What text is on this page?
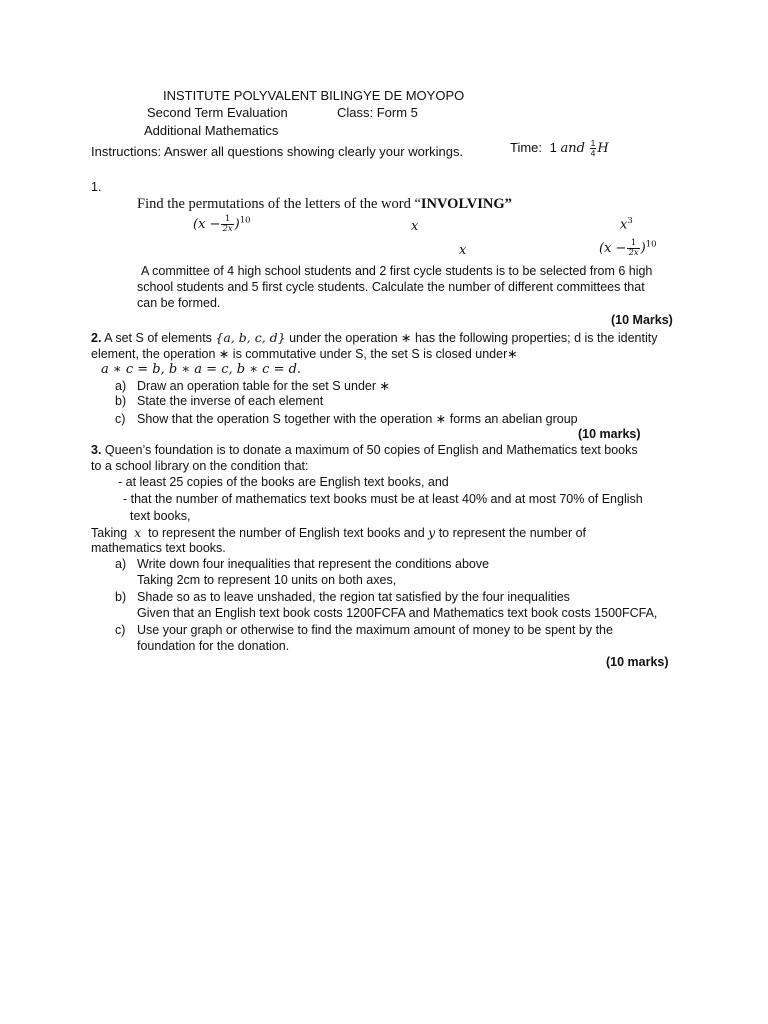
INSTITUTE POLYVALENT BILINGYE DE MOYOPO
Second Term Evaluation	Class: Form 5
Additional Mathematics
Instructions: Answer all questions showing clearly your workings.	Time: 1 and $\frac{1}{4}$ H
1.
Find the permutations of the letters of the word “INVOLVING”
$(x - \frac{1}{2x} )^{10}$	x	$x^3$
x	$(x - \frac{1}{2x} )^{10}$
A committee of 4 high school students and 2 first cycle students is to be selected from 6 high
school students and 5 first cycle students. Calculate the number of different committees that
can be formed.
(10 Marks)
2. A set S of elements {a, b, c, d} under the operation ∗ has the following properties; d is the identity
element, the operation ∗ is commutative under S, the set S is closed under∗
a ∗ c = b, b ∗ a = c, b ∗ c = d.
a) Draw an operation table for the set S under ∗
b) State the inverse of each element
c) Show that the operation S together with the operation ∗ forms an abelian group
(10 marks)
3. Queen’s foundation is to donate a maximum of 50 copies of English and Mathematics text books
to a school library on the condition that:
- at least 25 copies of the books are English text books, and
- that the number of mathematics text books must be at least 40% and at most 70% of English
text books,
Taking x to represent the number of English text books and y to represent the number of
mathematics text books.
a) Write down four inequalities that represent the conditions above
Taking 2cm to represent 10 units on both axes,
b) Shade so as to leave unshaded, the region tat satisfied by the four inequalities
Given that an English text book costs 1200FCFA and Mathematics text book costs 1500FCFA,
c) Use your graph or otherwise to find the maximum amount of money to be spent by the
foundation for the donation.
(10 marks)
